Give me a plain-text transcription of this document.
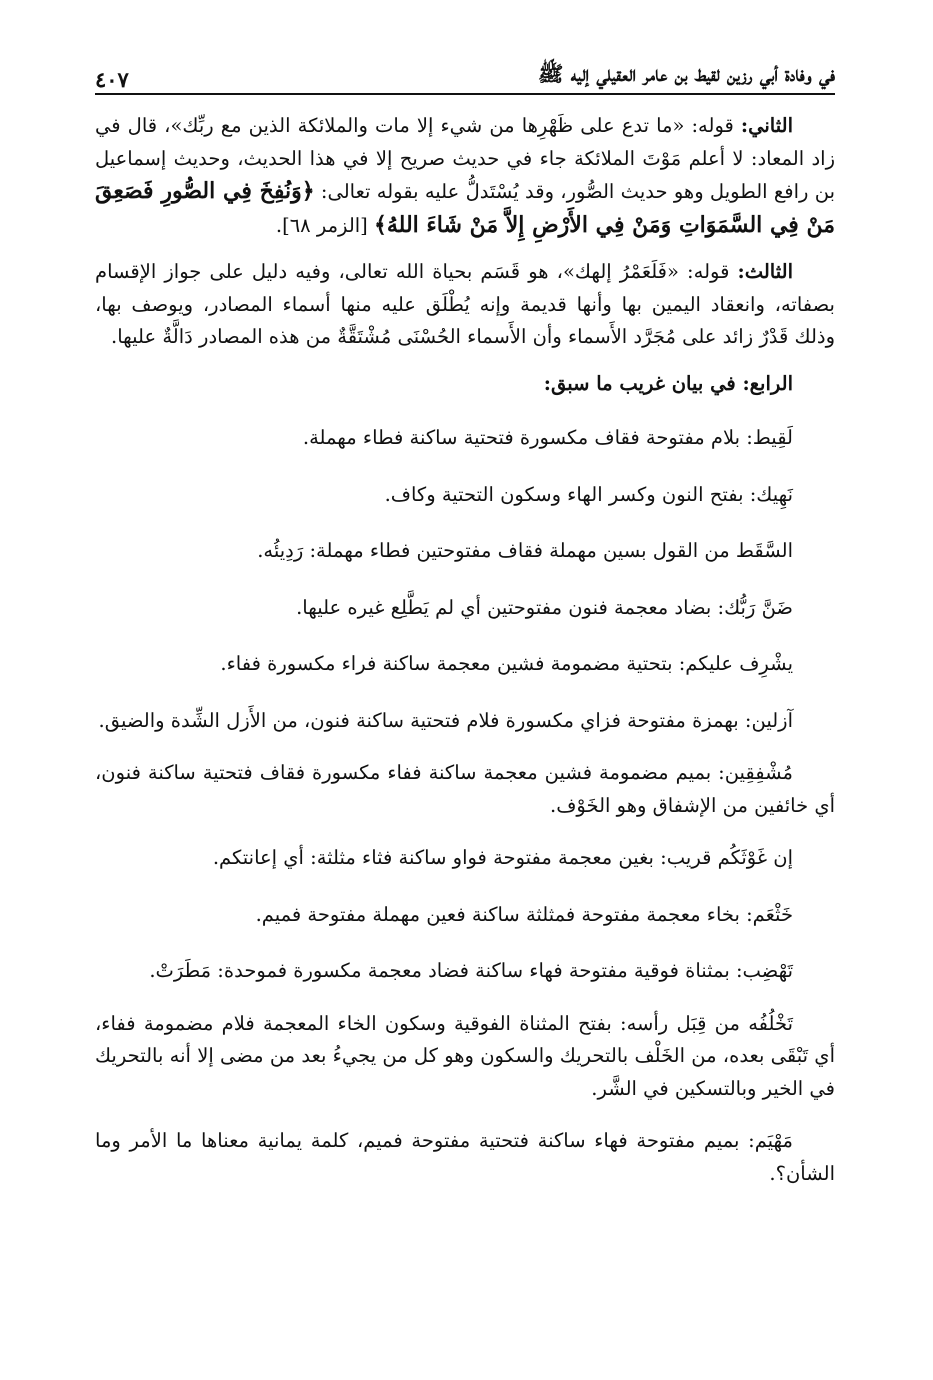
في وفادة أبي رزين لقيط بن عامر العقيلي إليه ﷺ
٤٠٧

الثاني: قوله: «ما تدع على ظَهْرِها من شيء إلا مات والملائكة الذين مع ربِّك»، قال في زاد المعاد: لا أعلم مَوْتَ الملائكة جاء في حديث صريح إلا في هذا الحديث، وحديث إسماعيل بن رافع الطويل وهو حديث الصُّور، وقد يُسْتَدلُّ عليه بقوله تعالى: ﴿وَنُفِخَ فِي الصُّورِ فَصَعِقَ مَنْ فِي السَّمَوَاتِ وَمَنْ فِي الأَرْضِ إِلاَّ مَنْ شَاءَ اللهُ﴾ [الزمر ٦٨].

الثالث: قوله: «فَلَعَمْرُ إلهك»، هو قَسَم بحياة الله تعالى، وفيه دليل على جواز الإقسام بصفاته، وانعقاد اليمين بها وأنها قديمة وإنه يُطْلَق عليه منها أسماء المصادر، ويوصف بها، وذلك قَدْرٌ زائد على مُجَرَّد الأَسماء وأن الأَسماء الحُسْنَى مُشْتَقَّةٌ من هذه المصادر دَالَّةٌ عليها.

الرابع: في بيان غريب ما سبق:

لَقِيط: بلام مفتوحة فقاف مكسورة فتحتية ساكنة فطاء مهملة.

نَهِيك: بفتح النون وكسر الهاء وسكون التحتية وكاف.

السَّقَط من القول بسين مهملة فقاف مفتوحتين فطاء مهملة: رَدِيئُه.

ضَنَّ رَبُّك: بضاد معجمة فنون مفتوحتين أي لم يَطَّلِع غيره عليها.

يشْرِف عليكم: بتحتية مضمومة فشين معجمة ساكنة فراء مكسورة ففاء.

آزلين: بهمزة مفتوحة فزاي مكسورة فلام فتحتية ساكنة فنون، من الأَزل الشِّدة والضيق.

مُشْفِقِين: بميم مضمومة فشين معجمة ساكنة ففاء مكسورة فقاف فتحتية ساكنة فنون، أي خائفين من الإشفاق وهو الخَوْف.

إن غَوْثَكُم قريب: بغين معجمة مفتوحة فواو ساكنة فثاء مثلثة: أي إعانتكم.

خَثْعَم: بخاء معجمة مفتوحة فمثلثة ساكنة فعين مهملة مفتوحة فميم.

تَهْضِب: بمثناة فوقية مفتوحة فهاء ساكنة فضاد معجمة مكسورة فموحدة: مَطَرَتْ.

تَخْلُفُه من قِبَل رأسه: بفتح المثناة الفوقية وسكون الخاء المعجمة فلام مضمومة ففاء، أي تَبْقَى بعده، من الخَلْف بالتحريك والسكون وهو كل من يجيءُ بعد من مضى إلا أنه بالتحريك في الخير وبالتسكين في الشَّر.

مَهْيَم: بميم مفتوحة فهاء ساكنة فتحتية مفتوحة فميم، كلمة يمانية معناها ما الأمر وما الشأن؟.
